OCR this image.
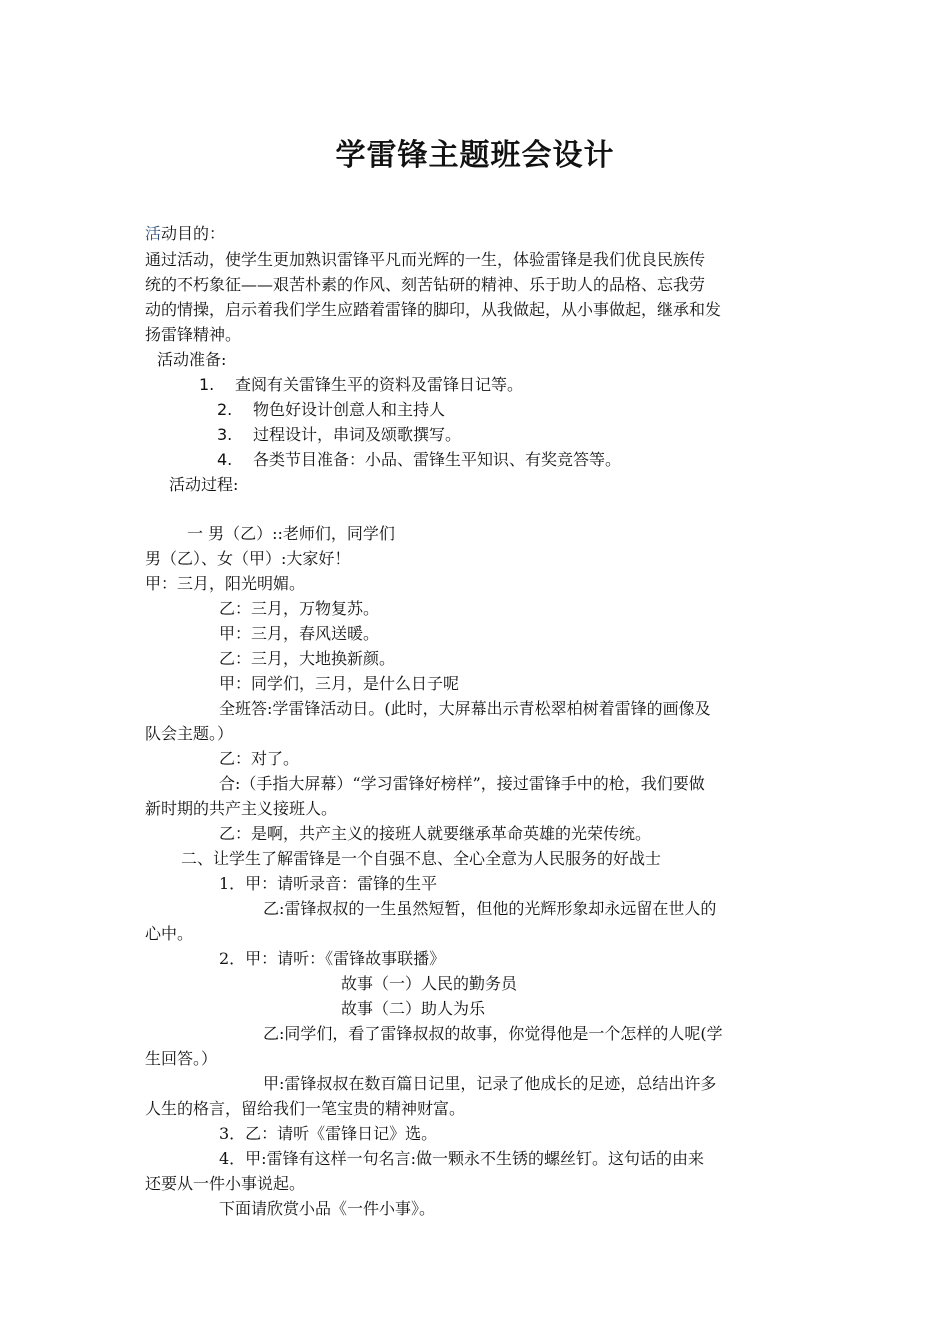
学雷锋主题班会设计
活动目的：
通过活动，使学生更加熟识雷锋平凡而光辉的一生，体验雷锋是我们优良民族传
统的不朽象征——艰苦朴素的作风、刻苦钻研的精神、乐于助人的品格、忘我劳
动的情操，启示着我们学生应踏着雷锋的脚印，从我做起，从小事做起，继承和发
扬雷锋精神。
活动准备:
1. 查阅有关雷锋生平的资料及雷锋日记等。
2. 物色好设计创意人和主持人
3. 过程设计，串词及颂歌撰写。
4. 各类节目准备：小品、雷锋生平知识、有奖竞答等。
活动过程:
一 男（乙）::老师们，同学们
男（乙）、女（甲）:大家好！
甲：三月，阳光明媚。
乙：三月，万物复苏。
甲：三月，春风送暖。
乙：三月，大地换新颜。
甲：同学们，三月，是什么日子呢
全班答:学雷锋活动日。(此时，大屏幕出示青松翠柏树着雷锋的画像及
队会主题。）
乙：对了。
合:（手指大屏幕）“学习雷锋好榜样”，接过雷锋手中的枪，我们要做
新时期的共产主义接班人。
乙：是啊，共产主义的接班人就要继承革命英雄的光荣传统。
二、让学生了解雷锋是一个自强不息、全心全意为人民服务的好战士
1．甲：请听录音：雷锋的生平
乙:雷锋叔叔的一生虽然短暂，但他的光辉形象却永远留在世人的
心中。
2．甲：请听：《雷锋故事联播》
故事（一）人民的勤务员
故事（二）助人为乐
乙:同学们，看了雷锋叔叔的故事，你觉得他是一个怎样的人呢(学
生回答。）
甲:雷锋叔叔在数百篇日记里，记录了他成长的足迹，总结出许多
人生的格言，留给我们一笔宝贵的精神财富。
3．乙：请听《雷锋日记》选。
4．甲:雷锋有这样一句名言:做一颗永不生锈的螺丝钉。这句话的由来
还要从一件小事说起。
下面请欣赏小品《一件小事》。
